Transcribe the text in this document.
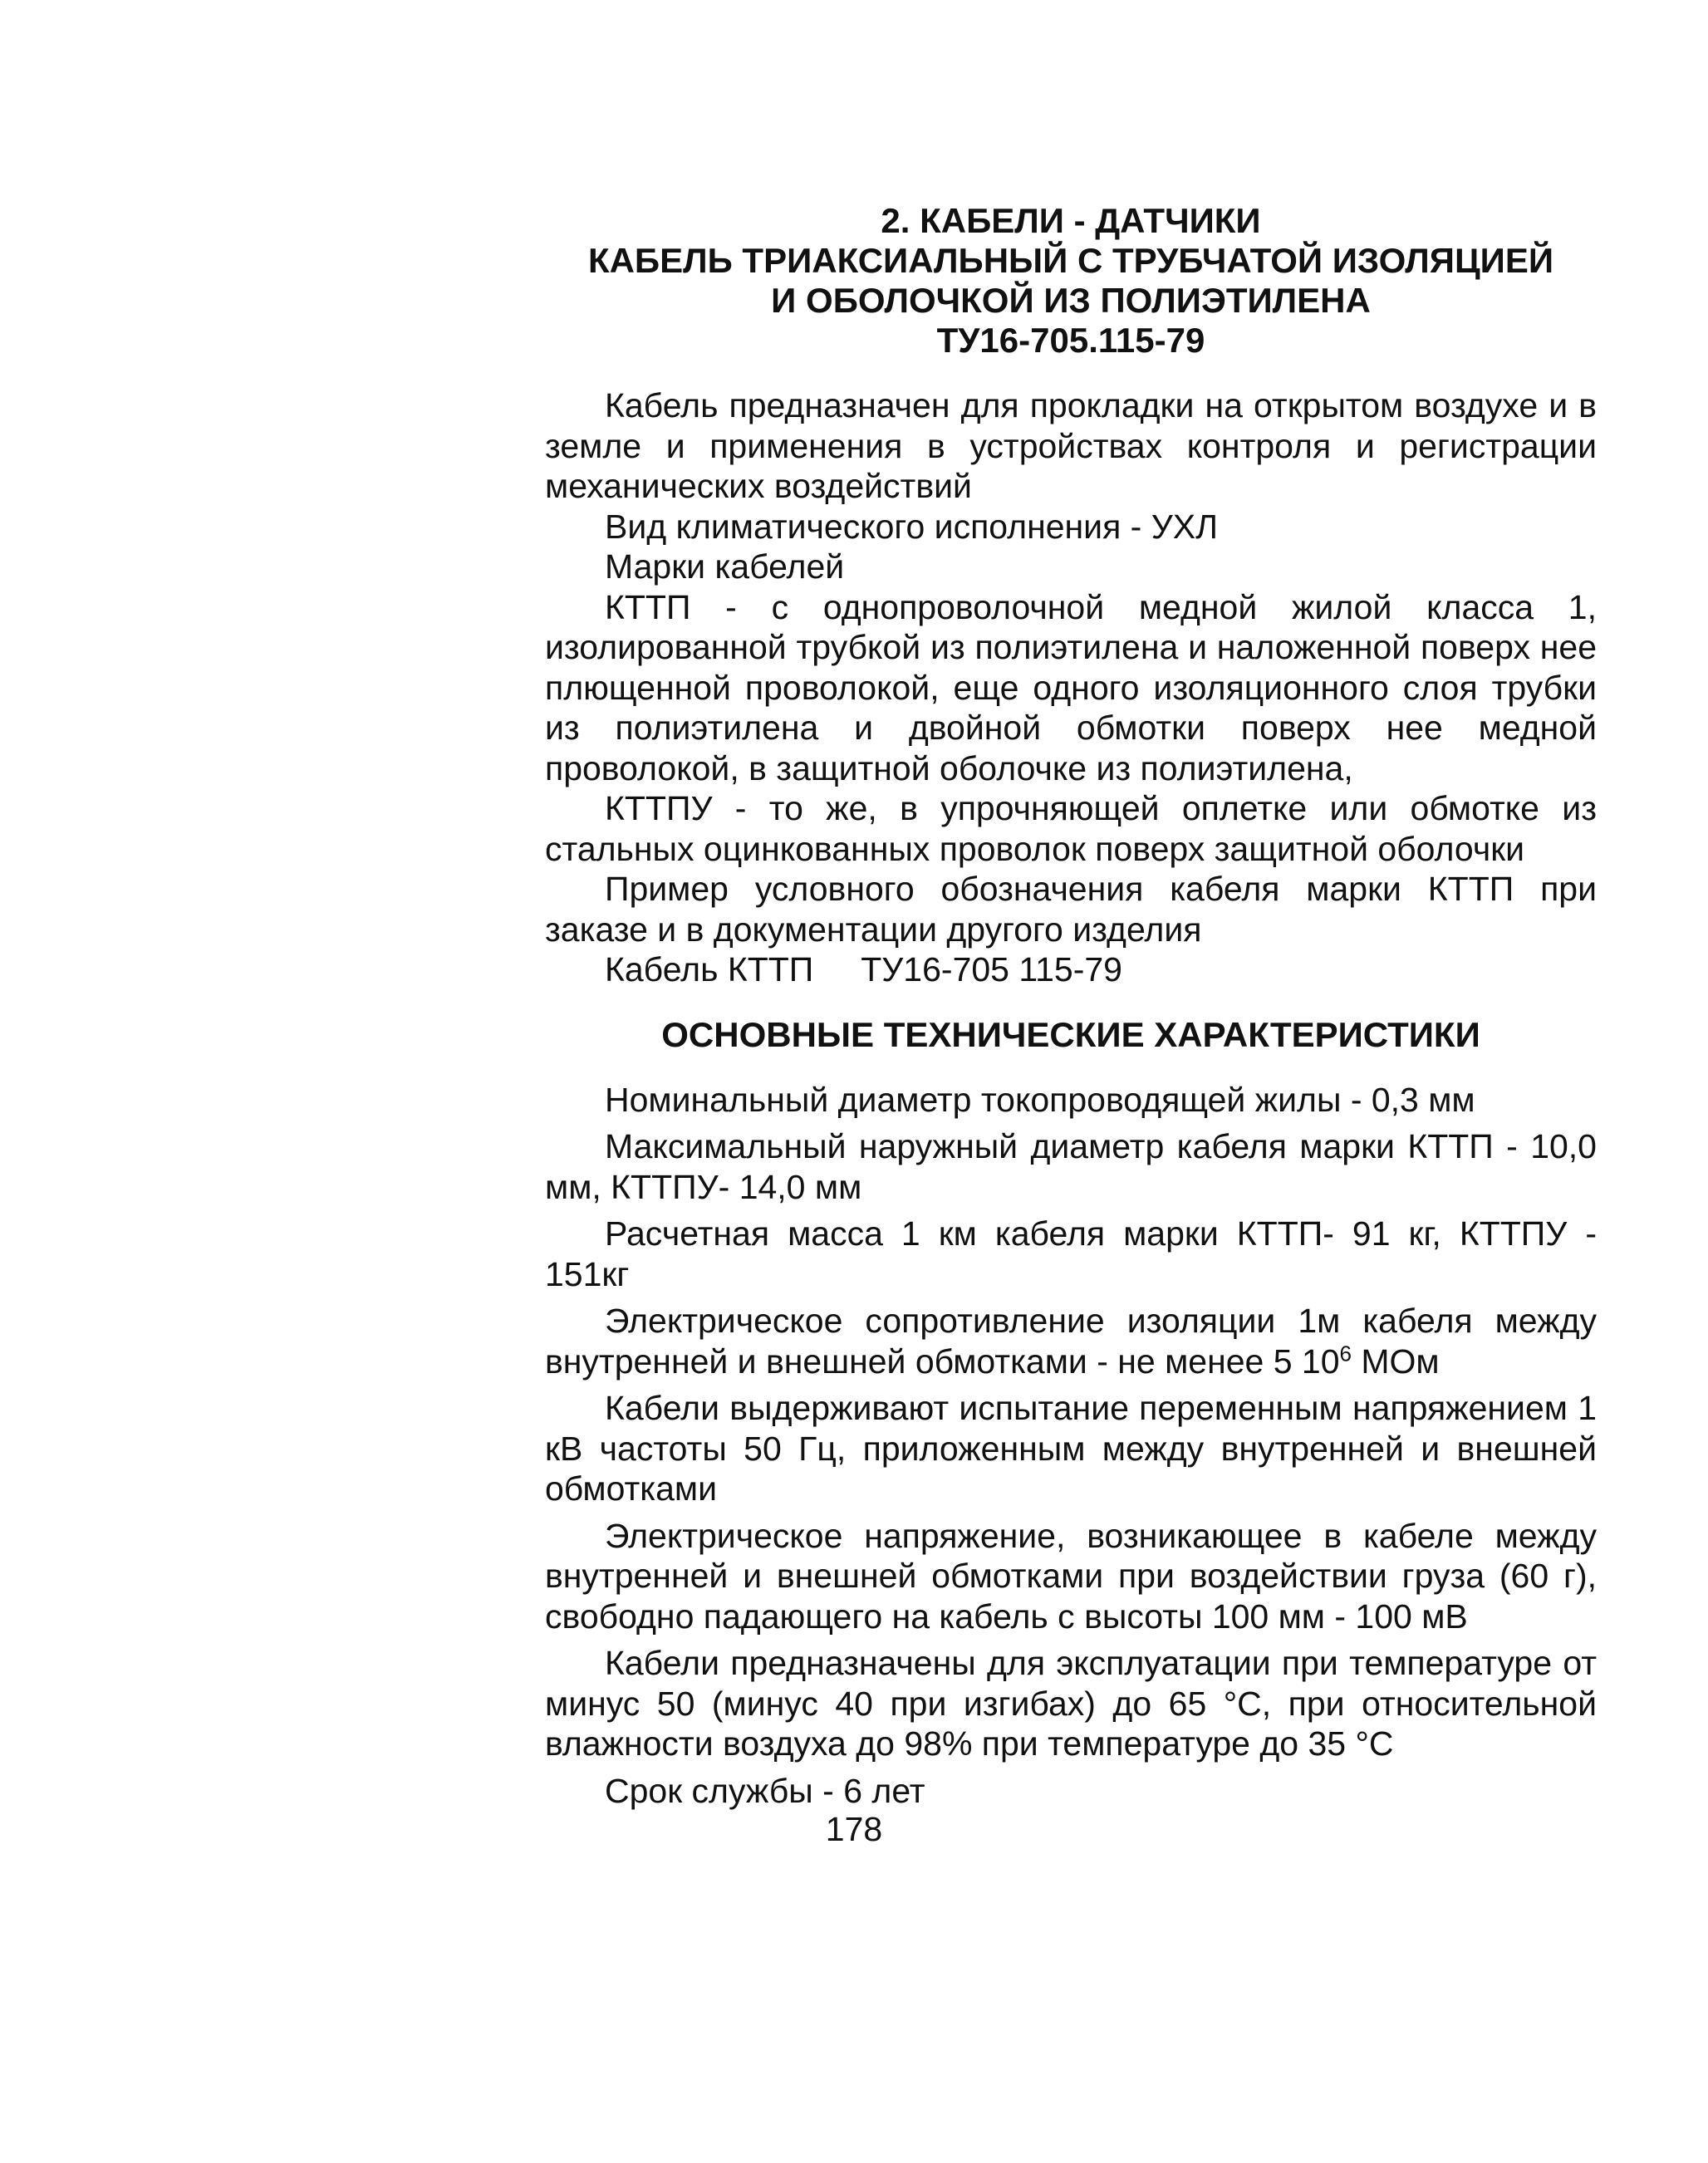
2. КАБЕЛИ - ДАТЧИКИ

КАБЕЛЬ ТРИАКСИАЛЬНЫЙ С ТРУБЧАТОЙ ИЗОЛЯЦИЕЙ

И ОБОЛОЧКОЙ ИЗ ПОЛИЭТИЛЕНА

ТУ16-705.115-79

Кабель предназначен для прокладки на открытом воздухе и в земле и применения в устройствах контроля и регистрации механических воздействий

Вид климатического исполнения - УХЛ

Марки кабелей

КТТП - с однопроволочной медной жилой класса 1, изолированной трубкой из полиэтилена и наложенной поверх нее плющенной проволокой, еще одного изоляционного слоя трубки из полиэтилена и двойной обмотки поверх нее медной проволокой, в защитной оболочке из полиэтилена,

КТТПУ - то же, в упрочняющей оплетке или обмотке из стальных оцинкованных проволок поверх защитной оболочки

Пример условного обозначения кабеля марки КТТП при заказе и в документации другого изделия

Кабель КТТП     ТУ16-705 115-79

ОСНОВНЫЕ ТЕХНИЧЕСКИЕ ХАРАКТЕРИСТИКИ

Номинальный диаметр токопроводящей жилы - 0,3 мм

Максимальный наружный диаметр кабеля марки КТТП - 10,0 мм, КТТПУ- 14,0 мм

Расчетная масса 1 км кабеля марки КТТП- 91 кг, КТТПУ - 151кг

Электрическое сопротивление изоляции 1м кабеля между внутренней и внешней обмотками - не менее 5 $10^6$ МОм

Кабели выдерживают испытание переменным напряжением 1 кВ частоты 50 Гц, приложенным между внутренней и внешней обмотками

Электрическое напряжение, возникающее в кабеле между внутренней и внешней обмотками при воздействии груза (60 г), свободно падающего на кабель с высоты 100 мм - 100 мВ

Кабели предназначены для эксплуатации при температуре от минус 50 (минус 40 при изгибах) до 65 °С, при относительной влажности воздуха до 98% при температуре до 35 °С

Срок службы - 6 лет

178
